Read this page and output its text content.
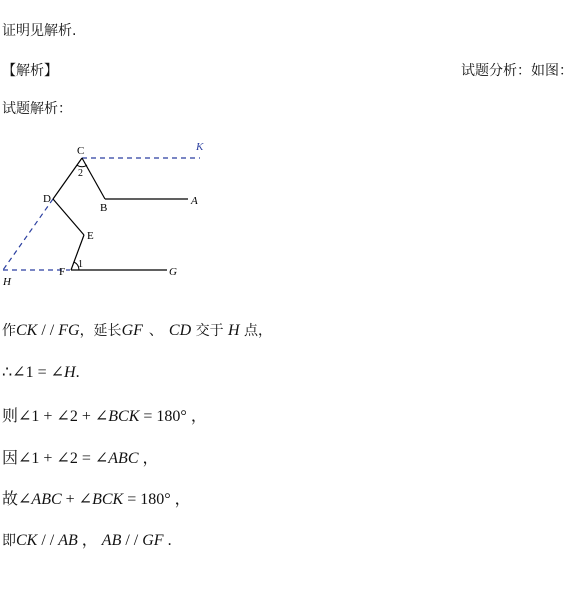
证明见解析.
【解析】	试题分析：如图：
试题解析：
C	K
2
D
B
A
E
1
F	G
H
作CK / / FG，延长GF 、 CD 交于 H 点，
∴∠1 = ∠H.
则∠1 + ∠2 + ∠BCK = 180° ，
因∠1 + ∠2 = ∠ABC ，
故∠ABC + ∠BCK = 180° ，
即CK / / AB ， AB / / GF .
